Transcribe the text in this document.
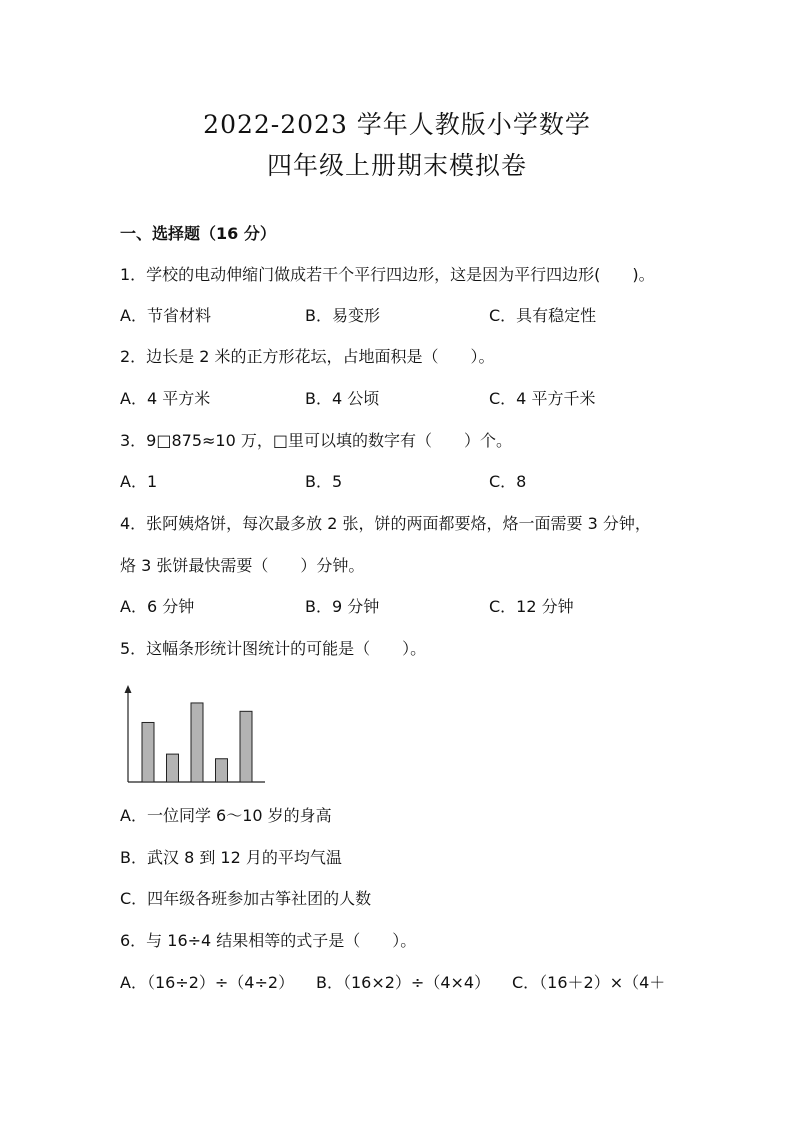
2022-2023 学年人教版小学数学
四年级上册期末模拟卷
一、选择题（16 分）
1．学校的电动伸缩门做成若干个平行四边形，这是因为平行四边形(　　)。
A．节省材料	B．易变形	C．具有稳定性
2．边长是 2 米的正方形花坛，占地面积是（　　）。
A．4 平方米	B．4 公顷	C．4 平方千米
3．9□875≈10 万，□里可以填的数字有（　　）个。
A．1	B．5	C．8
4．张阿姨烙饼，每次最多放 2 张，饼的两面都要烙，烙一面需要 3 分钟，
烙 3 张饼最快需要（　　）分钟。
A．6 分钟	B．9 分钟	C．12 分钟
5．这幅条形统计图统计的可能是（　　）。
A．一位同学 6～10 岁的身高
B．武汉 8 到 12 月的平均气温
C．四年级各班参加古筝社团的人数
6．与 16÷4 结果相等的式子是（　　）。
A．（16÷2）÷（4÷2） B．（16×2）÷（4×4） C．（16＋2）×（4＋
